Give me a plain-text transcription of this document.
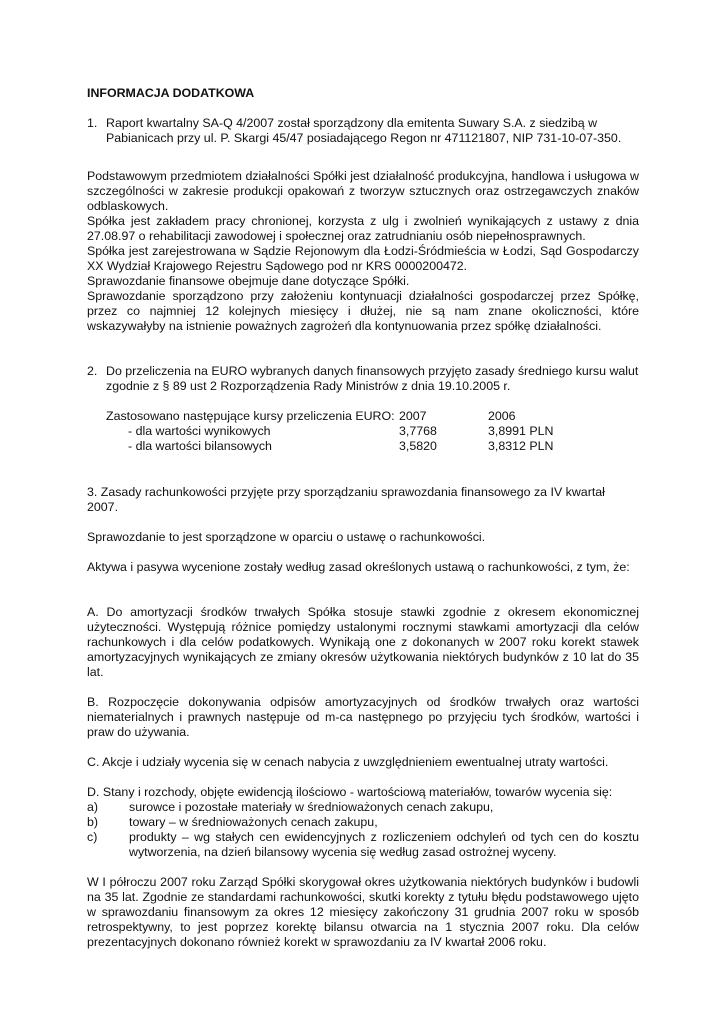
INFORMACJA DODATKOWA

1. Raport kwartalny SA-Q 4/2007 został sporządzony dla emitenta Suwary S.A. z siedzibą w Pabianicach przy ul. P. Skargi 45/47 posiadającego Regon nr 471121807, NIP 731-10-07-350.

Podstawowym przedmiotem działalności Spółki jest działalność produkcyjna, handlowa i usługowa w szczególności w zakresie produkcji opakowań z tworzyw sztucznych oraz ostrzegawczych znaków odblaskowych.

Spółka jest zakładem pracy chronionej, korzysta z ulg i zwolnień wynikających z ustawy z dnia 27.08.97 o rehabilitacji zawodowej i społecznej oraz zatrudnianiu osób niepełnosprawnych.

Spółka jest zarejestrowana w Sądzie Rejonowym dla Łodzi-Śródmieścia w Łodzi, Sąd Gospodarczy XX Wydział Krajowego Rejestru Sądowego pod nr KRS 0000200472.

Sprawozdanie finansowe obejmuje dane dotyczące Spółki.

Sprawozdanie sporządzono przy założeniu kontynuacji działalności gospodarczej przez Spółkę, przez co najmniej 12 kolejnych miesięcy i dłużej, nie są nam znane okoliczności, które wskazywałyby na istnienie poważnych zagrożeń dla kontynuowania przez spółkę działalności.

2. Do przeliczenia na EURO wybranych danych finansowych przyjęto zasady średniego kursu walut zgodnie z § 89 ust 2 Rozporządzenia Rady Ministrów z dnia 19.10.2005 r.
Zastosowano następujące kursy przeliczenia EURO: 2007	2006
- dla wartości wynikowych	3,7768	3,8991 PLN
- dla wartości bilansowych	3,5820	3,8312 PLN

3. Zasady rachunkowości przyjęte przy sporządzaniu sprawozdania finansowego za IV kwartał 2007.

Sprawozdanie to jest sporządzone w oparciu o ustawę o rachunkowości.

Aktywa i pasywa wycenione zostały według zasad określonych ustawą o rachunkowości, z tym, że:

A. Do amortyzacji środków trwałych Spółka stosuje stawki zgodnie z okresem ekonomicznej użyteczności. Występują różnice pomiędzy ustalonymi rocznymi stawkami amortyzacji dla celów rachunkowych i dla celów podatkowych. Wynikają one z dokonanych w 2007 roku korekt stawek amortyzacyjnych wynikających ze zmiany okresów użytkowania niektórych budynków z 10 lat do 35 lat.

B. Rozpoczęcie dokonywania odpisów amortyzacyjnych od środków trwałych oraz wartości niematerialnych i prawnych następuje od m-ca następnego po przyjęciu tych środków, wartości i praw do używania.

C. Akcje i udziały wycenia się w cenach nabycia z uwzględnieniem ewentualnej utraty wartości.

D. Stany i rozchody, objęte ewidencją ilościowo - wartościową materiałów, towarów wycenia się:

a)	surowce i pozostałe materiały w średnioważonych cenach zakupu,
b)	towary – w średnioważonych cenach zakupu,
c)	produkty – wg stałych cen ewidencyjnych z rozliczeniem odchyleń od tych cen do kosztu wytworzenia, na dzień bilansowy wycenia się według zasad ostrożnej wyceny.

W I półroczu 2007 roku Zarząd Spółki skorygował okres użytkowania niektórych budynków i budowli na 35 lat. Zgodnie ze standardami rachunkowości, skutki korekty z tytułu błędu podstawowego ujęto w sprawozdaniu finansowym za okres 12 miesięcy zakończony 31 grudnia 2007 roku w sposób retrospektywny, to jest poprzez korektę bilansu otwarcia na 1 stycznia 2007 roku. Dla celów prezentacyjnych dokonano również korekt w sprawozdaniu za IV kwartał 2006 roku.
